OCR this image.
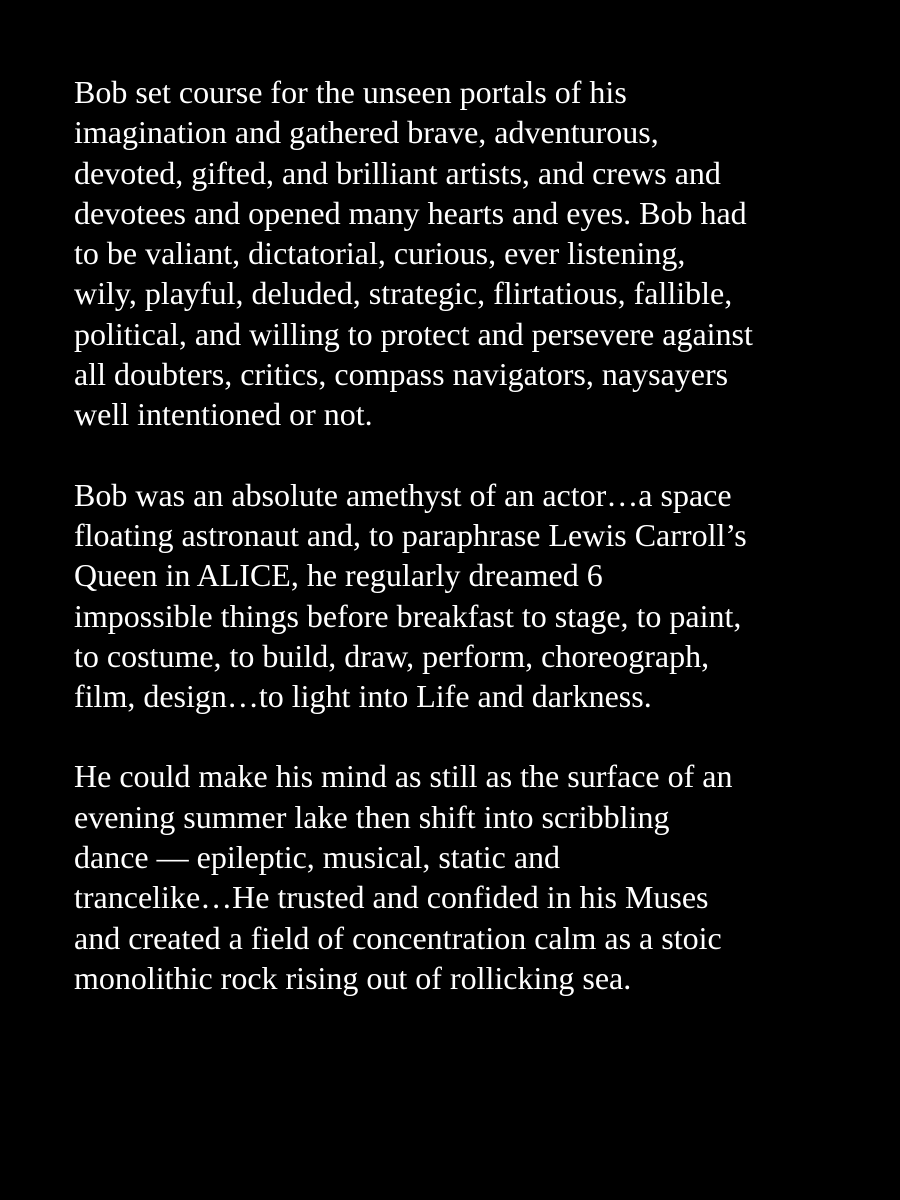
Bob set course for the unseen portals of his
imagination and gathered brave, adventurous,
devoted, gifted, and brilliant artists, and crews and
devotees and opened many hearts and eyes. Bob had
to be valiant, dictatorial, curious, ever listening,
wily, playful, deluded, strategic, flirtatious, fallible,
political, and willing to protect and persevere against
all doubters, critics, compass navigators, naysayers
well intentioned or not.

Bob was an absolute amethyst of an actor…a space
floating astronaut and, to paraphrase Lewis Carroll’s
Queen in ALICE, he regularly dreamed 6
impossible things before breakfast to stage, to paint,
to costume, to build, draw, perform, choreograph,
film, design…to light into Life and darkness.

He could make his mind as still as the surface of an
evening summer lake then shift into scribbling
dance — epileptic, musical, static and
trancelike…He trusted and confided in his Muses
and created a field of concentration calm as a stoic
monolithic rock rising out of rollicking sea.
